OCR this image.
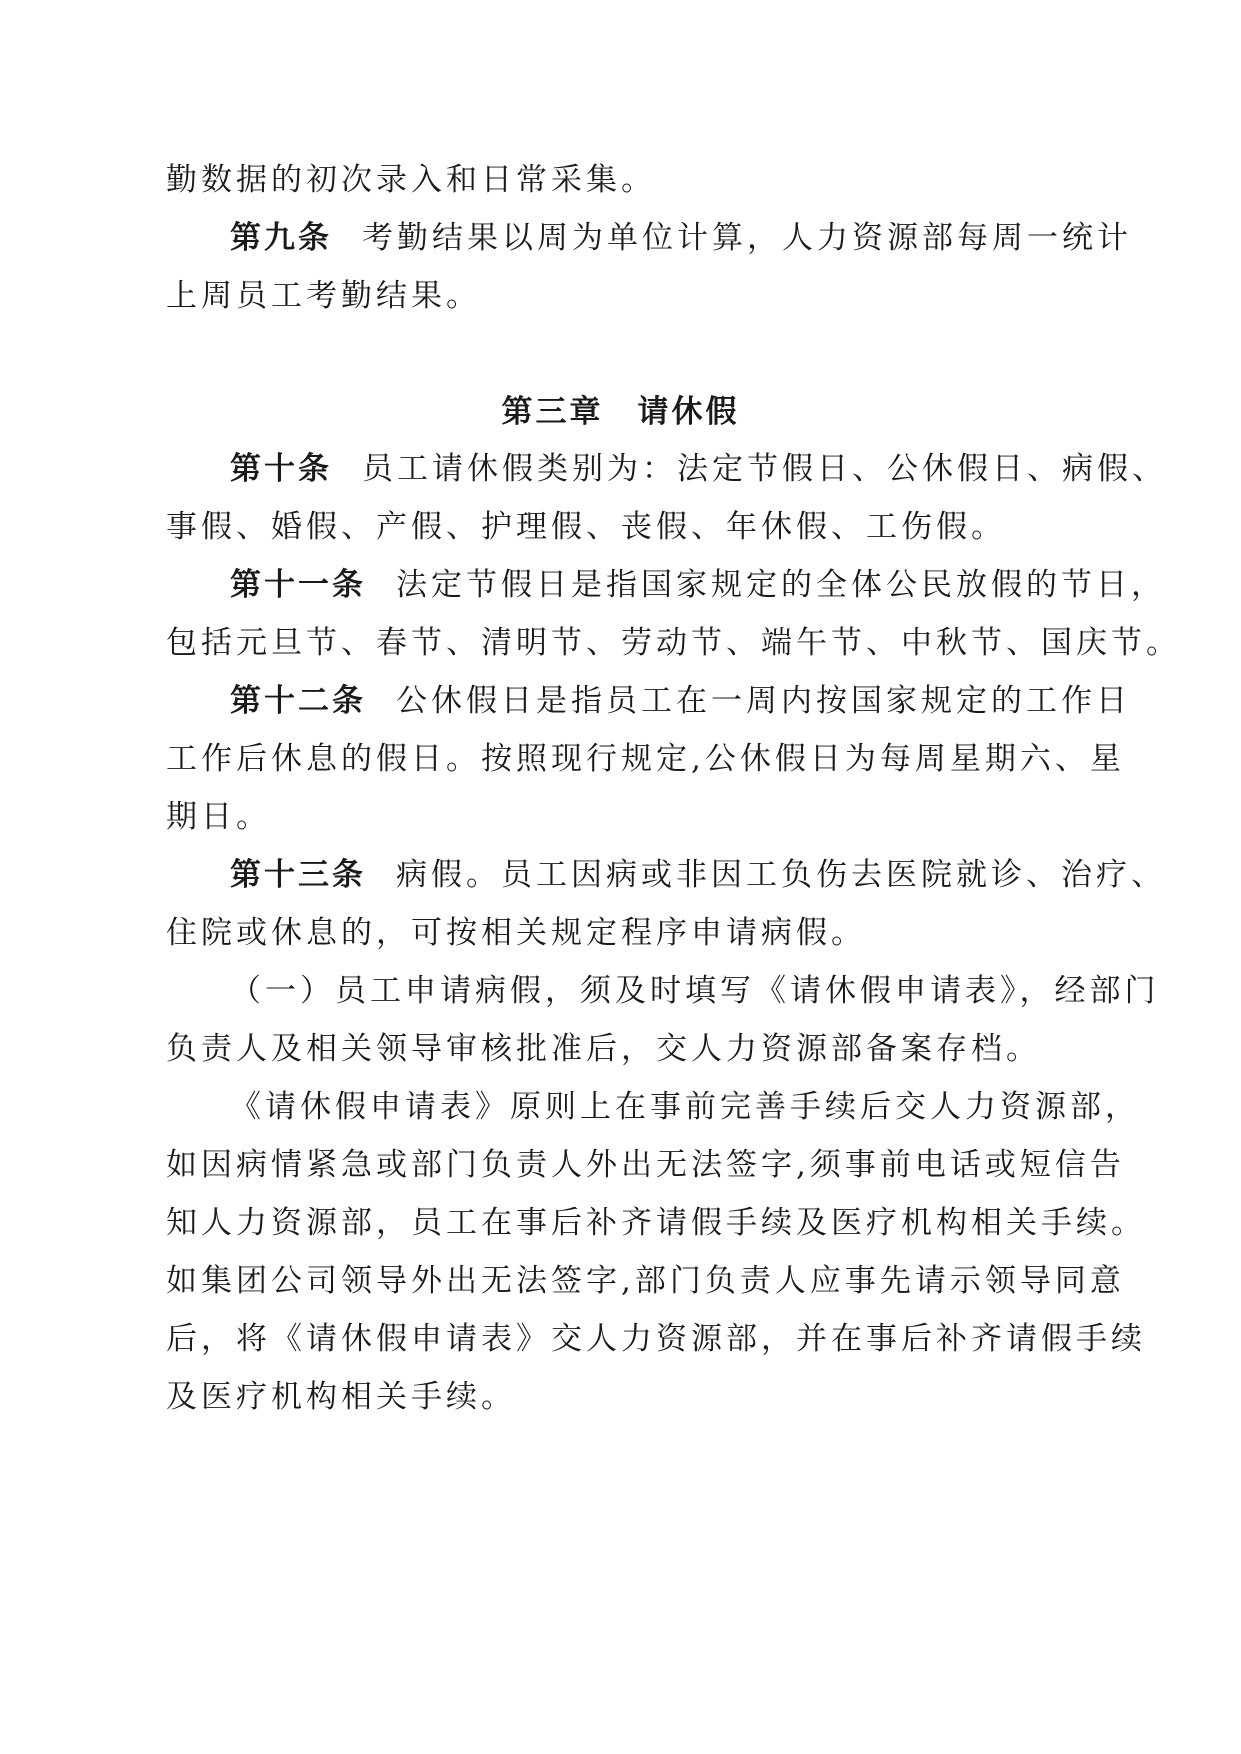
勤数据的初次录入和日常采集。
第九条 考勤结果以周为单位计算，人力资源部每周一统计
上周员工考勤结果。
第三章 请休假
第十条 员工请休假类别为：法定节假日、公休假日、病假、
事假、婚假、产假、护理假、丧假、年休假、工伤假。
第十一条 法定节假日是指国家规定的全体公民放假的节日，
包括元旦节、春节、清明节、劳动节、端午节、中秋节、国庆节。
第十二条 公休假日是指员工在一周内按国家规定的工作日
工作后休息的假日。按照现行规定,公休假日为每周星期六、星
期日。
第十三条 病假。员工因病或非因工负伤去医院就诊、治疗、
住院或休息的，可按相关规定程序申请病假。
（一）员工申请病假，须及时填写《请休假申请表》，经部门
负责人及相关领导审核批准后，交人力资源部备案存档。
《请休假申请表》原则上在事前完善手续后交人力资源部，
如因病情紧急或部门负责人外出无法签字,须事前电话或短信告
知人力资源部，员工在事后补齐请假手续及医疗机构相关手续。
如集团公司领导外出无法签字,部门负责人应事先请示领导同意
后，将《请休假申请表》交人力资源部，并在事后补齐请假手续
及医疗机构相关手续。
